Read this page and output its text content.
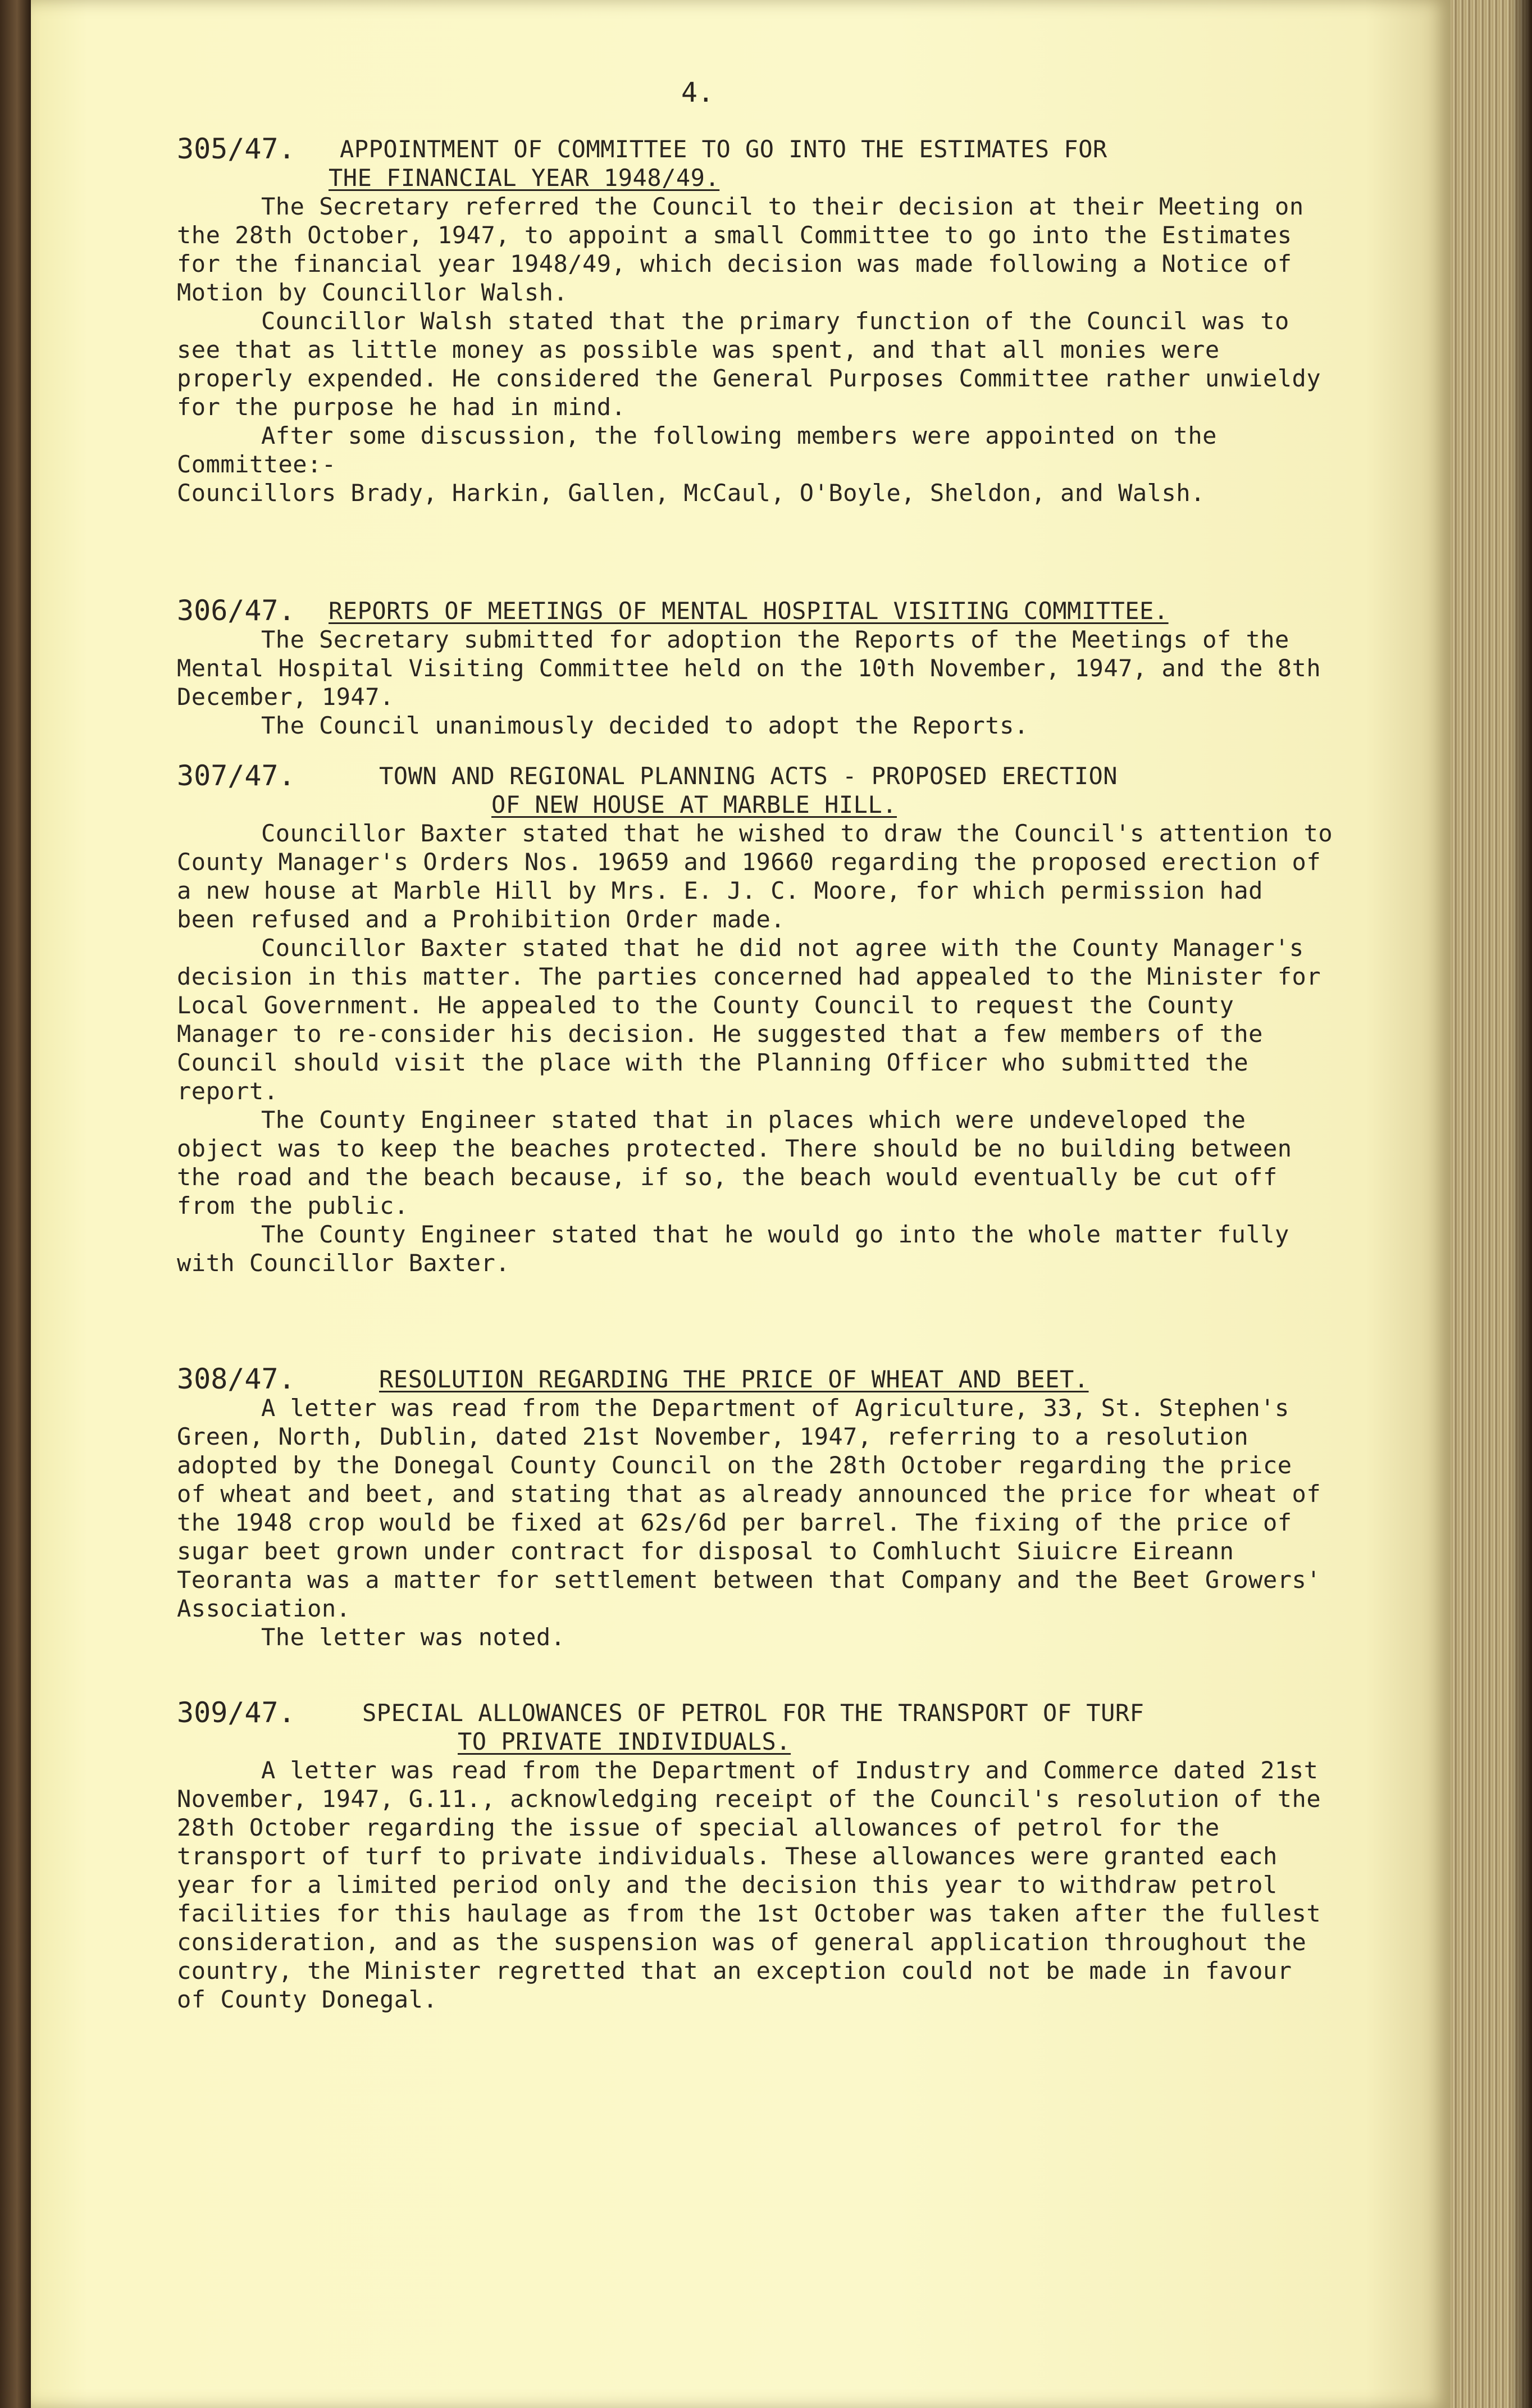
4.
305/47. APPOINTMENT OF COMMITTEE TO GO INTO THE ESTIMATES FOR
THE FINANCIAL YEAR 1948/49.

The Secretary referred the Council to their decision at their Meeting on the 28th October, 1947, to appoint a small Committee to go into the Estimates for the financial year 1948/49, which decision was made following a Notice of Motion by Councillor Walsh.

Councillor Walsh stated that the primary function of the Council was to see that as little money as possible was spent, and that all monies were properly expended. He considered the General Purposes Committee rather unwieldy for the purpose he had in mind.

After some discussion, the following members were appointed on the Committee:-

Councillors Brady, Harkin, Gallen, McCaul, O'Boyle, Sheldon, and Walsh.

306/47. REPORTS OF MEETINGS OF MENTAL HOSPITAL VISITING COMMITTEE.

The Secretary submitted for adoption the Reports of the Meetings of the Mental Hospital Visiting Committee held on the 10th November, 1947, and the 8th December, 1947.

The Council unanimously decided to adopt the Reports.

307/47.	TOWN AND REGIONAL PLANNING ACTS - PROPOSED ERECTION
OF NEW HOUSE AT MARBLE HILL.

Councillor Baxter stated that he wished to draw the Council's attention to County Manager's Orders Nos. 19659 and 19660 regarding the proposed erection of a new house at Marble Hill by Mrs. E. J. C. Moore, for which permission had been refused and a Prohibition Order made.

Councillor Baxter stated that he did not agree with the County Manager's decision in this matter. The parties concerned had appealed to the Minister for Local Government. He appealed to the County Council to request the County Manager to re-consider his decision. He suggested that a few members of the Council should visit the place with the Planning Officer who submitted the report.

The County Engineer stated that in places which were undeveloped the object was to keep the beaches protected. There should be no building between the road and the beach because, if so, the beach would eventually be cut off from the public.

The County Engineer stated that he would go into the whole matter fully with Councillor Baxter.

308/47.	RESOLUTION REGARDING THE PRICE OF WHEAT AND BEET.

A letter was read from the Department of Agriculture, 33, St. Stephen's Green, North, Dublin, dated 21st November, 1947, referring to a resolution adopted by the Donegal County Council on the 28th October regarding the price of wheat and beet, and stating that as already announced the price for wheat of the 1948 crop would be fixed at 62s/6d per barrel. The fixing of the price of sugar beet grown under contract for disposal to Comhlucht Siuicre Eireann Teoranta was a matter for settlement between that Company and the Beet Growers' Association.

The letter was noted.

309/47.	SPECIAL ALLOWANCES OF PETROL FOR THE TRANSPORT OF TURF
TO PRIVATE INDIVIDUALS.

A letter was read from the Department of Industry and Commerce dated 21st November, 1947, G.11., acknowledging receipt of the Council's resolution of the 28th October regarding the issue of special allowances of petrol for the transport of turf to private individuals. These allowances were granted each year for a limited period only and the decision this year to withdraw petrol facilities for this haulage as from the 1st October was taken after the fullest consideration, and as the suspension was of general application throughout the country, the Minister regretted that an exception could not be made in favour of County Donegal.
